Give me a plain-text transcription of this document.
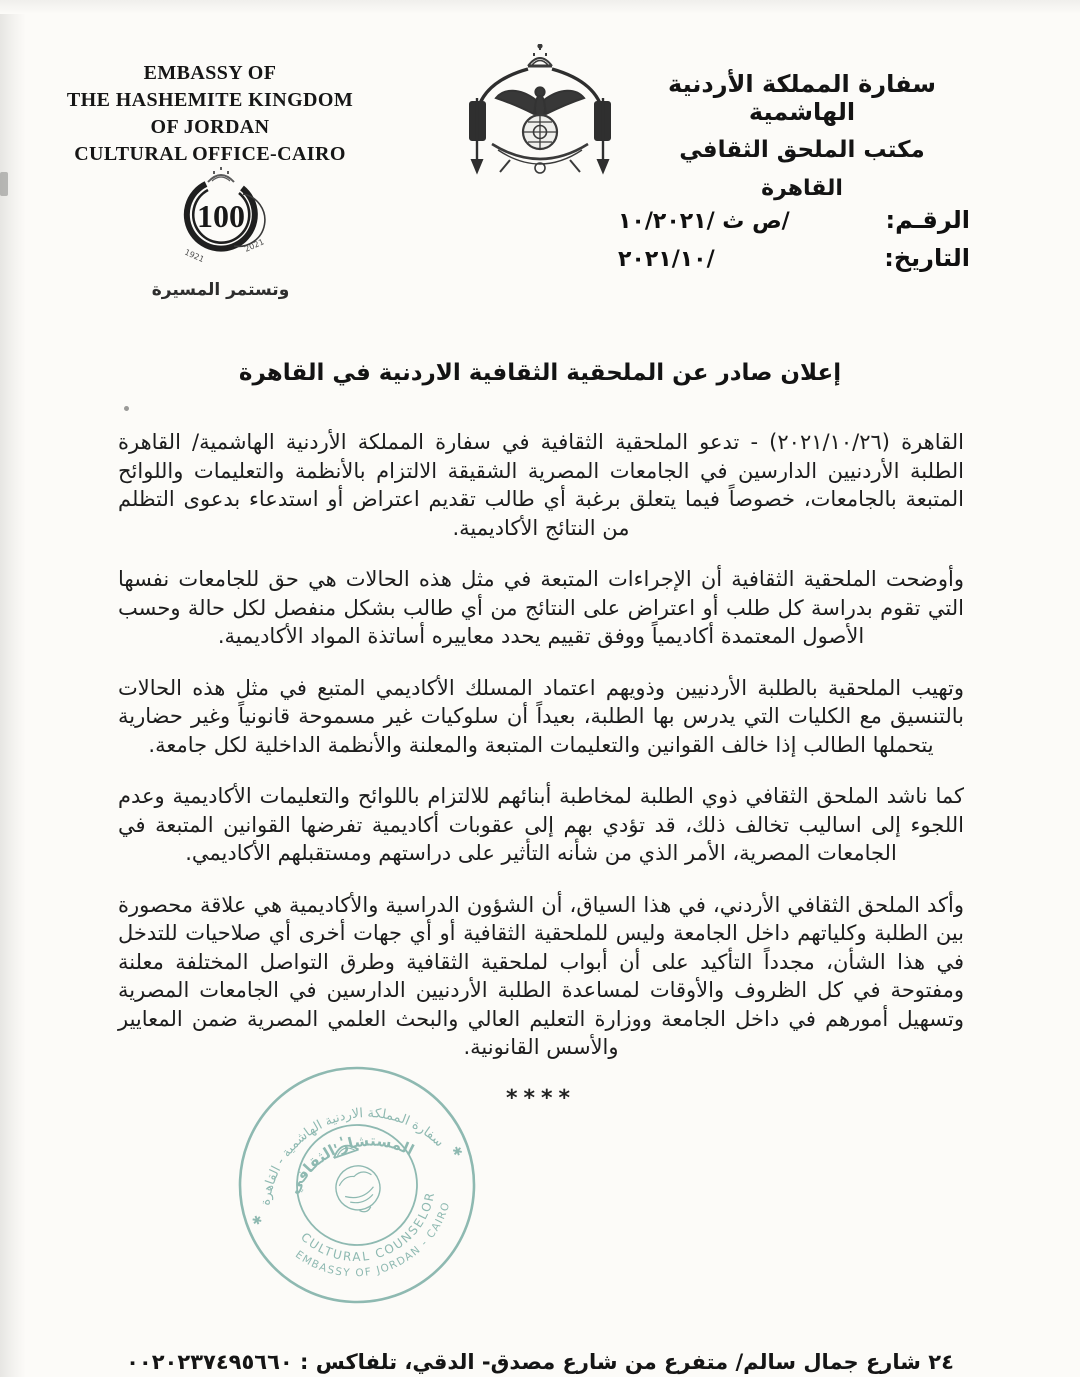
EMBASSY OF
THE HASHEMITE KINGDOM
OF JORDAN
CULTURAL OFFICE-CAIRO
سفارة المملكة الأردنية الهاشمية
مكتب الملحق الثقافي
القاهرة
100
1921
2021
وتستمر المسيرة
الرقـم:
/ص ث /١٠/٢٠٢١
التاريخ:
/٢٠٢١/١٠
إعلان صادر عن الملحقية الثقافية الاردنية في القاهرة

القاهرة (٢٠٢١/١٠/٢٦) - تدعو الملحقية الثقافية في سفارة المملكة الأردنية الهاشمية/ القاهرة الطلبة الأردنيين الدارسين في الجامعات المصرية الشقيقة الالتزام بالأنظمة والتعليمات واللوائح المتبعة بالجامعات، خصوصاً فيما يتعلق برغبة أي طالب تقديم اعتراض أو استدعاء بدعوى التظلم من النتائج الأكاديمية.

وأوضحت الملحقية الثقافية أن الإجراءات المتبعة في مثل هذه الحالات هي حق للجامعات نفسها التي تقوم بدراسة كل طلب أو اعتراض على النتائج من أي طالب بشكل منفصل لكل حالة وحسب الأصول المعتمدة أكاديمياً ووفق تقييم يحدد معاييره أساتذة المواد الأكاديمية.

وتهيب الملحقية بالطلبة الأردنيين وذويهم اعتماد المسلك الأكاديمي المتبع في مثل هذه الحالات بالتنسيق مع الكليات التي يدرس بها الطلبة، بعيداً أن سلوكيات غير مسموحة قانونياً وغير حضارية يتحملها الطالب إذا خالف القوانين والتعليمات المتبعة والمعلنة والأنظمة الداخلية لكل جامعة.

كما ناشد الملحق الثقافي ذوي الطلبة لمخاطبة أبنائهم للالتزام باللوائح والتعليمات الأكاديمية وعدم اللجوء إلى اساليب تخالف ذلك، قد تؤدي بهم إلى عقوبات أكاديمية تفرضها القوانين المتبعة في الجامعات المصرية، الأمر الذي من شأنه التأثير على دراستهم ومستقبلهم الأكاديمي.

وأكد الملحق الثقافي الأردني، في هذا السياق، أن الشؤون الدراسية والأكاديمية هي علاقة محصورة بين الطلبة وكلياتهم داخل الجامعة وليس للملحقية الثقافية أو أي جهات أخرى أي صلاحيات للتدخل في هذا الشأن، مجدداً التأكيد على أن أبواب لملحقية الثقافية وطرق التواصل المختلفة معلنة ومفتوحة في كل الظروف والأوقات لمساعدة الطلبة الأردنيين الدارسين في الجامعات المصرية وتسهيل أمورهم في داخل الجامعة ووزارة التعليم العالي والبحث العلمي المصرية ضمن المعايير والأسس القانونية.

****
✱
✱
سفارة المملكة الاردنية الهاشمية - القاهرة
المستشار الثقافي
CULTURAL COUNSELOR
EMBASSY OF JORDAN - CAIRO
٢٤ شارع جمال سالم/ متفرع من شارع مصدق- الدقي، تلفاكس : ٠٠٢٠٢٣٧٤٩٥٦٦٠
